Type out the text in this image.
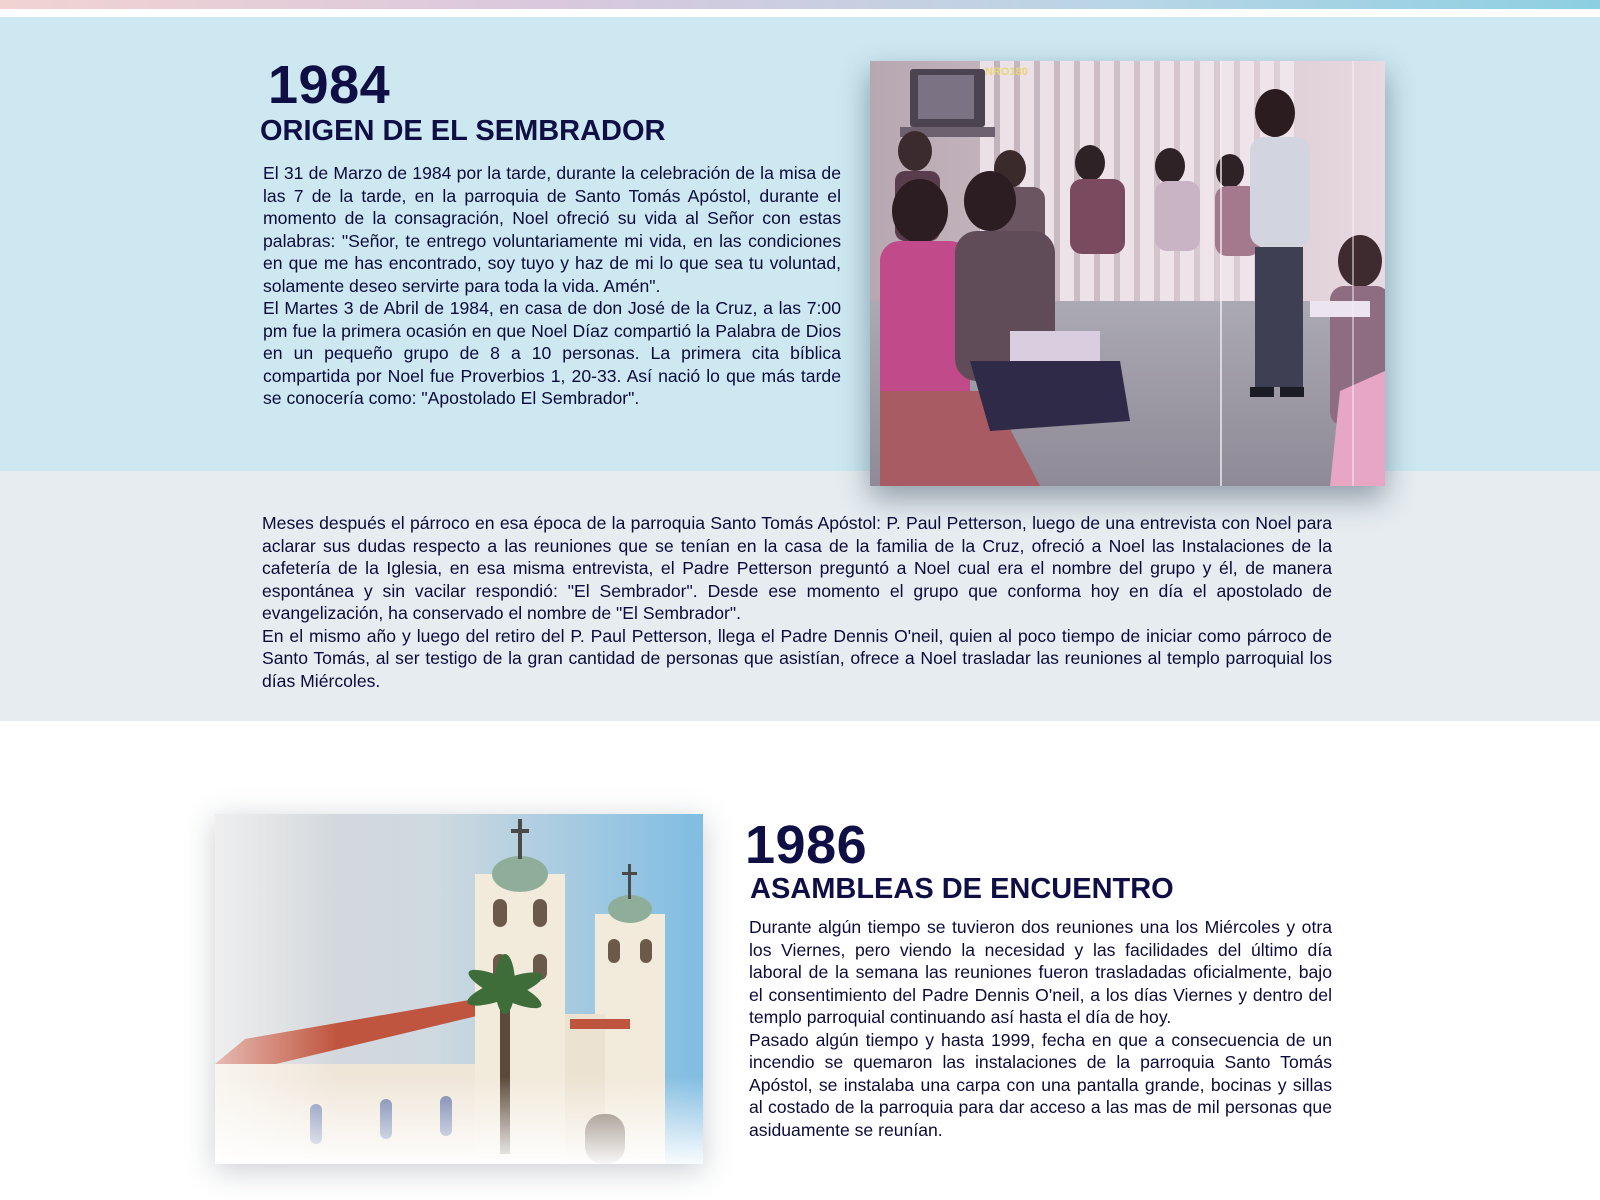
1984
ORIGEN DE EL SEMBRADOR

El 31 de Marzo de 1984 por la tarde, durante la celebración de la misa de las 7 de la tarde, en la parroquia de Santo Tomás Apóstol, durante el momento de la consagración, Noel ofreció su vida al Señor con estas palabras: "Señor, te entrego voluntariamente mi vida, en las condiciones en que me has encontrado, soy tuyo y haz de mi lo que sea tu voluntad, solamente deseo servirte para toda la vida. Amén".

El Martes 3 de Abril de 1984, en casa de don José de la Cruz, a las 7:00 pm fue la primera ocasión en que Noel Díaz compartió la Palabra de Dios en un pequeño grupo de 8 a 10 personas. La primera cita bíblica compartida por Noel fue Proverbios 1, 20-33. Así nació lo que más tarde se conocería como: "Apostolado El Sembrador".

NRO180

Meses después el párroco en esa época de la parroquia Santo Tomás Apóstol: P. Paul Petterson, luego de una entrevista con Noel para aclarar sus dudas respecto a las reuniones que se tenían en la casa de la familia de la Cruz, ofreció a Noel las Instalaciones de la cafetería de la Iglesia, en esa misma entrevista, el Padre Petterson preguntó a Noel cual era el nombre del grupo y él, de manera espontánea y sin vacilar respondió: "El Sembrador". Desde ese momento el grupo que conforma hoy en día el apostolado de evangelización, ha conservado el nombre de "El Sembrador".

En el mismo año y luego del retiro del P. Paul Petterson, llega el Padre Dennis O'neil, quien al poco tiempo de iniciar como párroco de Santo Tomás, al ser testigo de la gran cantidad de personas que asistían, ofrece a Noel trasladar las reuniones al templo parroquial los días Miércoles.

1986
ASAMBLEAS DE ENCUENTRO

Durante algún tiempo se tuvieron dos reuniones una los Miércoles y otra los Viernes, pero viendo la necesidad y las facilidades del último día laboral de la semana las reuniones fueron trasladadas oficialmente, bajo el consentimiento del Padre Dennis O'neil, a los días Viernes y dentro del templo parroquial continuando así hasta el día de hoy.

Pasado algún tiempo y hasta 1999, fecha en que a consecuencia de un incendio se quemaron las instalaciones de la parroquia Santo Tomás Apóstol, se instalaba una carpa con una pantalla grande, bocinas y sillas al costado de la parroquia para dar acceso a las mas de mil personas que asiduamente se reunían.
